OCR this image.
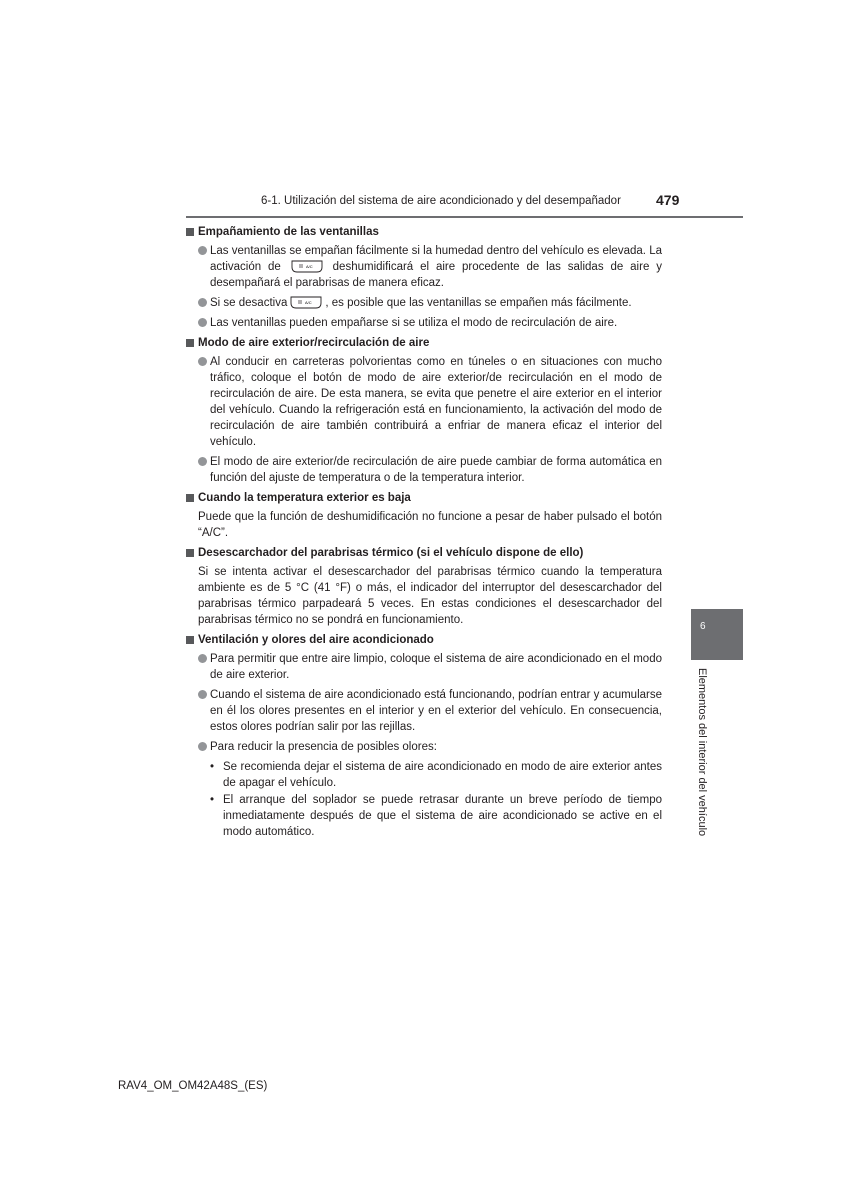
6-1. Utilización del sistema de aire acondicionado y del desempañador	479
6
Elementos del interior del vehículo
Empañamiento de las ventanillas

Las ventanillas se empañan fácilmente si la humedad dentro del vehículo es elevada. La activación de	A/C deshumidificará el aire procedente de las salidas de aire y desempañará el parabrisas de manera eficaz.

Si se desactiva	A/C , es posible que las ventanillas se empañen más fácilmente.

Las ventanillas pueden empañarse si se utiliza el modo de recirculación de aire.

Modo de aire exterior/recirculación de aire

Al conducir en carreteras polvorientas como en túneles o en situaciones con mucho tráfico, coloque el botón de modo de aire exterior/de recirculación en el modo de recirculación de aire. De esta manera, se evita que penetre el aire exterior en el interior del vehículo. Cuando la refrigeración está en funcionamiento, la activación del modo de recirculación de aire también contribuirá a enfriar de manera eficaz el interior del vehículo.

El modo de aire exterior/de recirculación de aire puede cambiar de forma automática en función del ajuste de temperatura o de la temperatura interior.

Cuando la temperatura exterior es baja

Puede que la función de deshumidificación no funcione a pesar de haber pulsado el botón “A/C”.

Desescarchador del parabrisas térmico (si el vehículo dispone de ello)

Si se intenta activar el desescarchador del parabrisas térmico cuando la temperatura ambiente es de 5 °C (41 °F) o más, el indicador del interruptor del desescarchador del parabrisas térmico parpadeará 5 veces. En estas condiciones el desescarchador del parabrisas térmico no se pondrá en funcionamiento.

Ventilación y olores del aire acondicionado

Para permitir que entre aire limpio, coloque el sistema de aire acondicionado en el modo de aire exterior.

Cuando el sistema de aire acondicionado está funcionando, podrían entrar y acumularse en él los olores presentes en el interior y en el exterior del vehículo. En consecuencia, estos olores podrían salir por las rejillas.

Para reducir la presencia de posibles olores:

• Se recomienda dejar el sistema de aire acondicionado en modo de aire exterior antes de apagar el vehículo.

• El arranque del soplador se puede retrasar durante un breve período de tiempo inmediatamente después de que el sistema de aire acondicionado se active en el modo automático.

RAV4_OM_OM42A48S_(ES)
